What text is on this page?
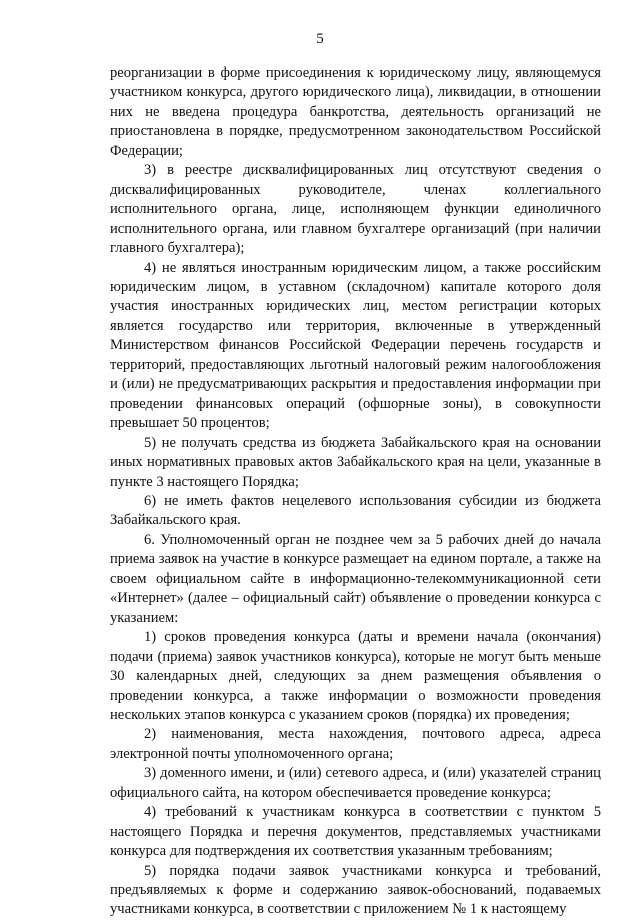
5

реорганизации в форме присоединения к юридическому лицу, являющемуся участником конкурса, другого юридического лица), ликвидации, в отношении них не введена процедура банкротства, деятельность организаций не приостановлена в порядке, предусмотренном законодательством Российской Федерации;

3) в реестре дисквалифицированных лиц отсутствуют сведения о дисквалифицированных руководителе, членах коллегиального исполнительного органа, лице, исполняющем функции единоличного исполнительного органа, или главном бухгалтере организаций (при наличии главного бухгалтера);

4) не являться иностранным юридическим лицом, а также российским юридическим лицом, в уставном (складочном) капитале которого доля участия иностранных юридических лиц, местом регистрации которых является государство или территория, включенные в утвержденный Министерством финансов Российской Федерации перечень государств и территорий, предоставляющих льготный налоговый режим налогообложения и (или) не предусматривающих раскрытия и предоставления информации при проведении финансовых операций (офшорные зоны), в совокупности превышает 50 процентов;

5) не получать средства из бюджета Забайкальского края на основании иных нормативных правовых актов Забайкальского края на цели, указанные в пункте 3 настоящего Порядка;

6) не иметь фактов нецелевого использования субсидии из бюджета Забайкальского края.

6. Уполномоченный орган не позднее чем за 5 рабочих дней до начала приема заявок на участие в конкурсе размещает на едином портале, а также на своем официальном сайте в информационно-телекоммуникационной сети «Интернет» (далее – официальный сайт) объявление о проведении конкурса с указанием:

1) сроков проведения конкурса (даты и времени начала (окончания) подачи (приема) заявок участников конкурса), которые не могут быть меньше 30 календарных дней, следующих за днем размещения объявления о проведении конкурса, а также информации о возможности проведения нескольких этапов конкурса с указанием сроков (порядка) их проведения;

2) наименования, места нахождения, почтового адреса, адреса электронной почты уполномоченного органа;

3) доменного имени, и (или) сетевого адреса, и (или) указателей страниц официального сайта, на котором обеспечивается проведение конкурса;

4) требований к участникам конкурса в соответствии с пунктом 5 настоящего Порядка и перечня документов, представляемых участниками конкурса для подтверждения их соответствия указанным требованиям;

5) порядка подачи заявок участниками конкурса и требований, предъявляемых к форме и содержанию заявок-обоснований, подаваемых участниками конкурса, в соответствии с приложением № 1 к настоящему
